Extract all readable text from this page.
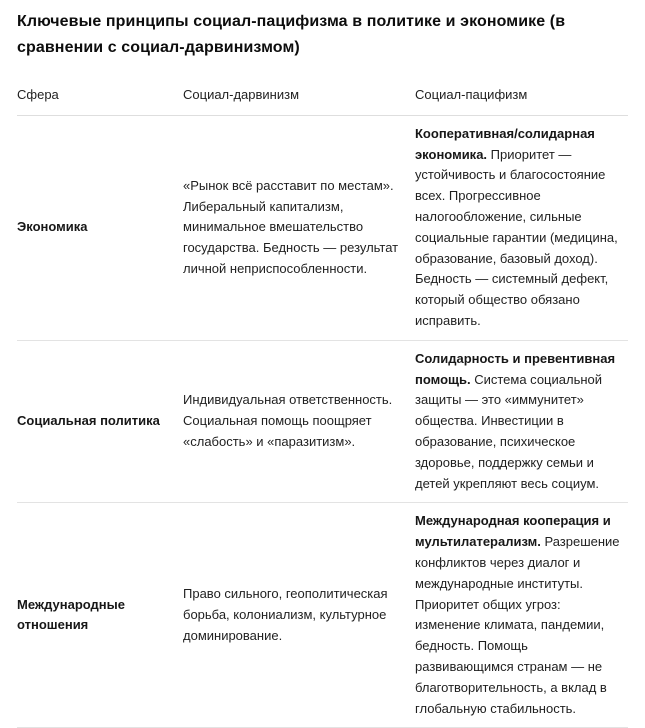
Ключевые принципы социал-пацифизма в политике и экономике (в сравнении с социал-дарвинизмом)
Сфера	Социал-дарвинизм	Социал-пацифизм
Экономика	«Рынок всё расставит по местам». Либеральный капитализм, минимальное вмешательство государства. Бедность — результат личной неприспособленности.	Кооперативная/солидарная экономика. Приоритет — устойчивость и благосостояние всех. Прогрессивное налогообложение, сильные социальные гарантии (медицина, образование, базовый доход). Бедность — системный дефект, который общество обязано исправить.
Социальная политика	Индивидуальная ответственность. Социальная помощь поощряет «слабость» и «паразитизм».	Солидарность и превентивная помощь. Система социальной защиты — это «иммунитет» общества. Инвестиции в образование, психическое здоровье, поддержку семьи и детей укрепляют весь социум.
Международные отношения	Право сильного, геополитическая борьба, колониализм, культурное доминирование.	Международная кооперация и мультилатерализм. Разрешение конфликтов через диалог и международные институты. Приоритет общих угроз: изменение климата, пандемии, бедность. Помощь развивающимся странам — не благотворительность, а вклад в глобальную стабильность.
